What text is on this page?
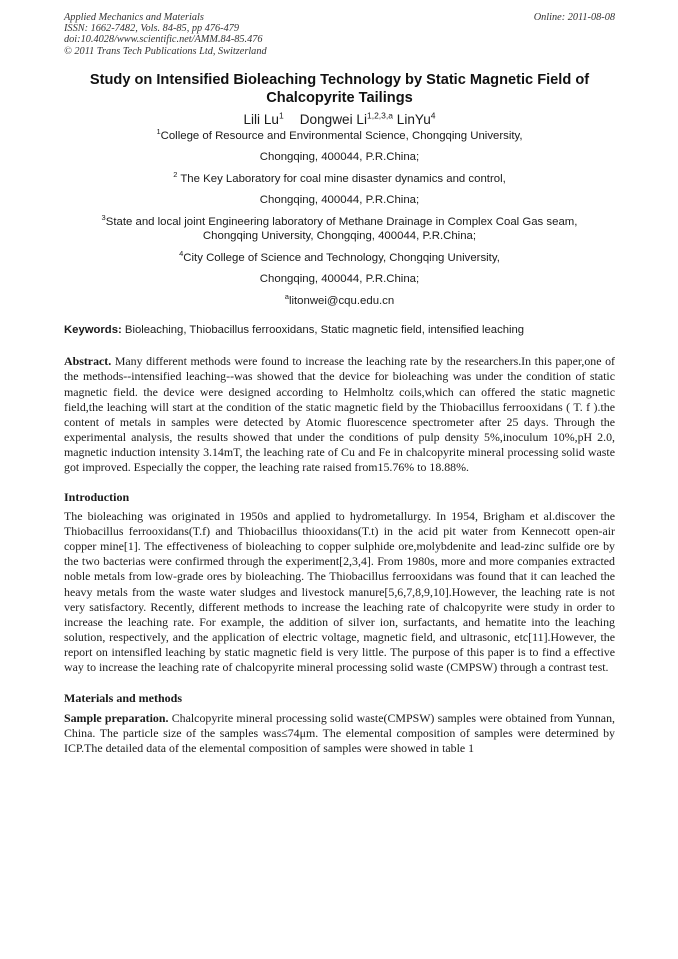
Applied Mechanics and Materials
ISSN: 1662-7482, Vols. 84-85, pp 476-479
doi:10.4028/www.scientific.net/AMM.84-85.476
© 2011 Trans Tech Publications Ltd, Switzerland
Online: 2011-08-08
Study on Intensified Bioleaching Technology by Static Magnetic Field of Chalcopyrite Tailings
Lili Lu$^1$ Dongwei Li$^{1,2,3,a}$ LinYu$^4$

$^1$College of Resource and Environmental Science, Chongqing University,

Chongqing, 400044, P.R.China;

$^2$ The Key Laboratory for coal mine disaster dynamics and control,

Chongqing, 400044, P.R.China;

$^3$State and local joint Engineering laboratory of Methane Drainage in Complex Coal Gas seam,

Chongqing University, Chongqing, 400044, P.R.China;

$^4$City College of Science and Technology, Chongqing University,

Chongqing, 400044, P.R.China;

$^a$litonwei@cqu.edu.cn

Keywords: Bioleaching, Thiobacillus ferrooxidans, Static magnetic field, intensified leaching
Abstract. Many different methods were found to increase the leaching rate by the researchers.In this paper,one of the methods--intensified leaching--was showed that the device for bioleaching was under the condition of static magnetic field. the device were designed according to Helmholtz coils,which can offered the static magnetic field,the leaching will start at the condition of the static magnetic field by the Thiobacillus ferrooxidans ( T. f ).the content of metals in samples were detected by Atomic fluorescence spectrometer after 25 days. Through the experimental analysis, the results showed that under the conditions of pulp density 5%,inoculum 10%,pH 2.0, magnetic induction intensity 3.14mT, the leaching rate of Cu and Fe in chalcopyrite mineral processing solid waste got improved. Especially the copper, the leaching rate raised from15.76% to 18.88%.
Introduction
The bioleaching was originated in 1950s and applied to hydrometallurgy. In 1954, Brigham et al.discover the Thiobacillus ferrooxidans(T.f) and Thiobacillus thiooxidans(T.t) in the acid pit water from Kennecott open-air copper mine[1]. The effectiveness of bioleaching to copper sulphide ore,molybdenite and lead-zinc sulfide ore by the two bacterias were confirmed through the experiment[2,3,4]. From 1980s, more and more companies extracted noble metals from low-grade ores by bioleaching. The Thiobacillus ferrooxidans was found that it can leached the heavy metals from the waste water sludges and livestock manure[5,6,7,8,9,10].However, the leaching rate is not very satisfactory. Recently, different methods to increase the leaching rate of chalcopyrite were study in order to increase the leaching rate. For example, the addition of silver ion, surfactants, and hematite into the leaching solution, respectively, and the application of electric voltage, magnetic field, and ultrasonic, etc[11].However, the report on intensifled leaching by static magnetic field is very little. The purpose of this paper is to find a effective way to increase the leaching rate of chalcopyrite mineral processing solid waste (CMPSW) through a contrast test.
Materials and methods
Sample preparation. Chalcopyrite mineral processing solid waste(CMPSW) samples were obtained from Yunnan, China. The particle size of the samples was≤74μm. The elemental composition of samples were determined by ICP.The detailed data of the elemental composition of samples were showed in table 1
